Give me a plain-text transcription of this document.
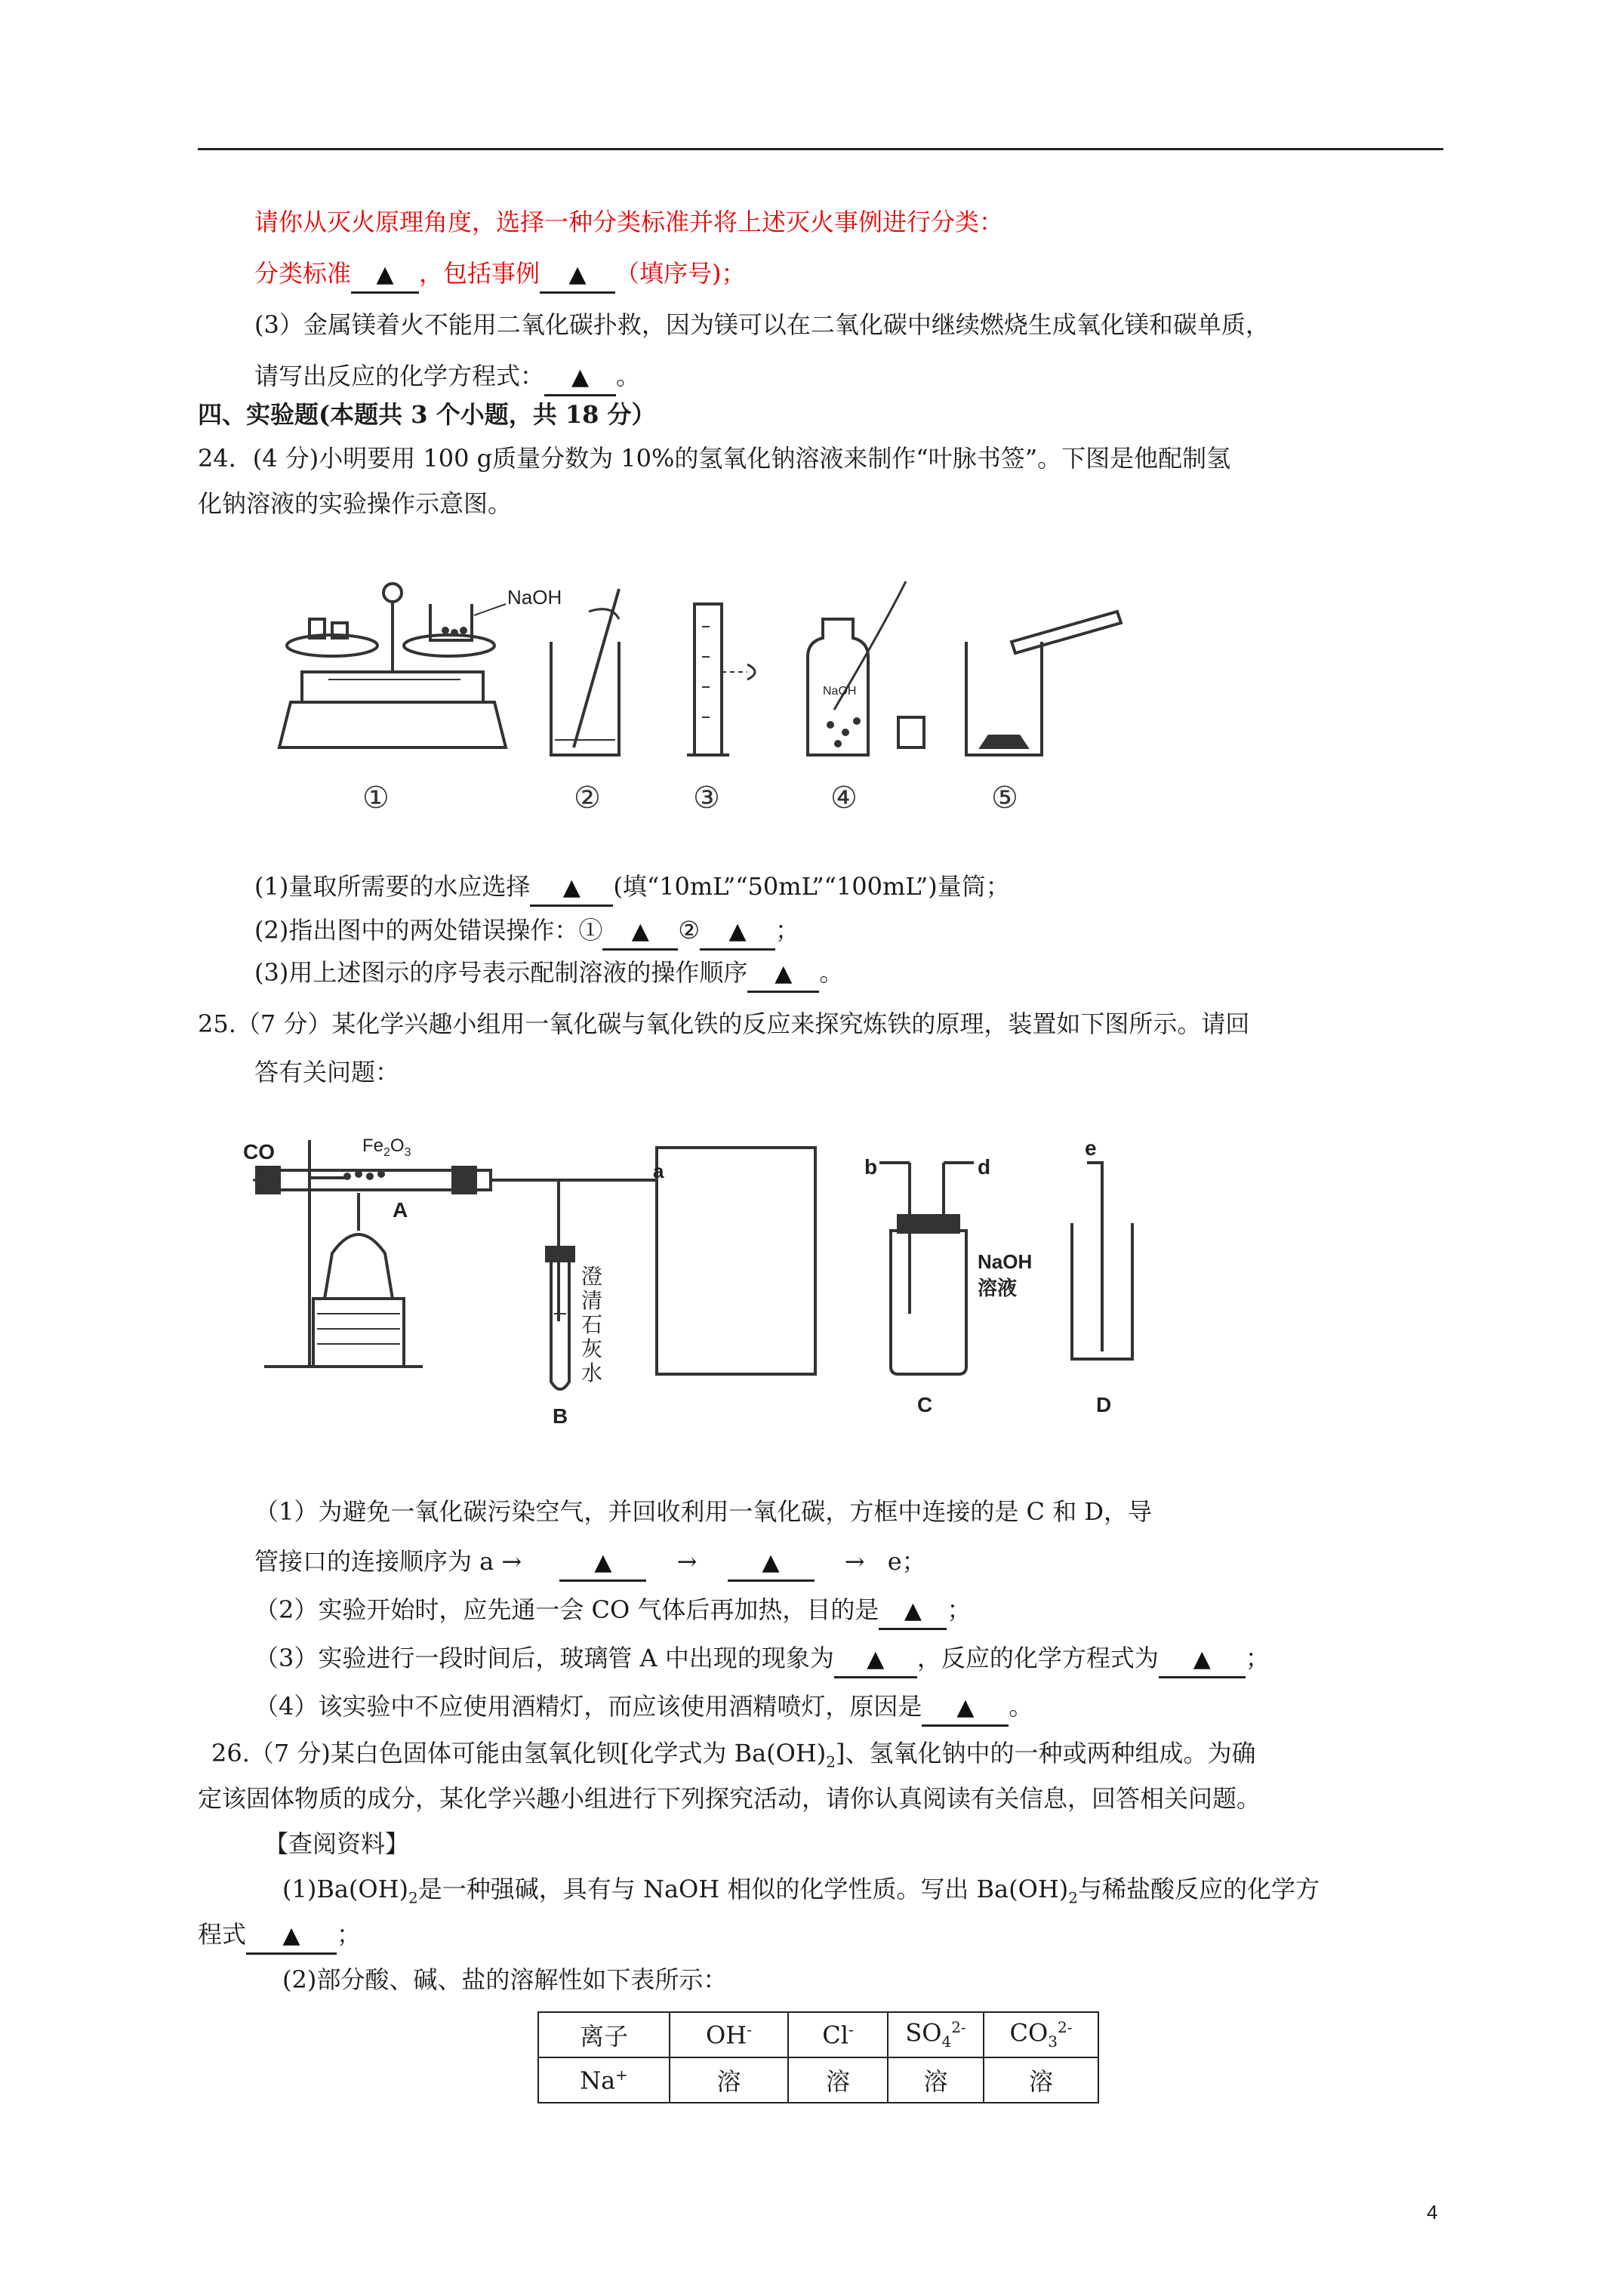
请你从灭火原理角度，选择一种分类标准并将上述灭火事例进行分类：
分类标准 ▲ ，包括事例 ▲ （填序号)；
(3）金属镁着火不能用二氧化碳扑救，因为镁可以在二氧化碳中继续燃烧生成氧化镁和碳单质，
请写出反应的化学方程式： ▲ 。
四、实验题(本题共 3 个小题，共 18 分）
24．(4 分)小明要用 100 g质量分数为 10%的氢氧化钠溶液来制作“叶脉书签”。下图是他配制氢
化钠溶液的实验操作示意图。
NaOH
NaOH
①	②	③	④	⑤
(1)量取所需要的水应选择 ▲ (填“10mL”“50mL”“100mL”)量筒；
(2)指出图中的两处错误操作：① ▲ ② ▲ ；
(3)用上述图示的序号表示配制溶液的操作顺序 ▲ 。
25.（7 分）某化学兴趣小组用一氧化碳与氧化铁的反应来探究炼铁的原理，装置如下图所示。请回
答有关问题：
CO	$Fe_2O_3$
A
a
澄
清
石
灰
水
B
b	d
NaOH
溶液
C
e
D
（1）为避免一氧化碳污染空气，并回收利用一氧化碳，方框中连接的是 C 和 D，导
管接口的连接顺序为 a →	▲	→	▲	→ e；
（2）实验开始时，应先通一会 CO 气体后再加热，目的是 ▲ ；
（3）实验进行一段时间后，玻璃管 A 中出现的现象为 ▲ ，反应的化学方程式为 ▲ ；
（4）该实验中不应使用酒精灯，而应该使用酒精喷灯，原因是 ▲ 。
26.（7 分)某白色固体可能由氢氧化钡[化学式为 $Ba(OH)_2$]、氢氧化钠中的一种或两种组成。为确
定该固体物质的成分，某化学兴趣小组进行下列探究活动，请你认真阅读有关信息，回答相关问题。
【查阅资料】
$(1)Ba(OH)_2$是一种强碱，具有与 NaOH 相似的化学性质。写出 $Ba(OH)_2$与稀盐酸反应的化学方
程式 ▲ ；
(2)部分酸、碱、盐的溶解性如下表所示：
离子	OH-	Cl-	$SO_4^{2-}$	$CO_3^{2-}$
Na+	溶	溶	溶	溶
4
